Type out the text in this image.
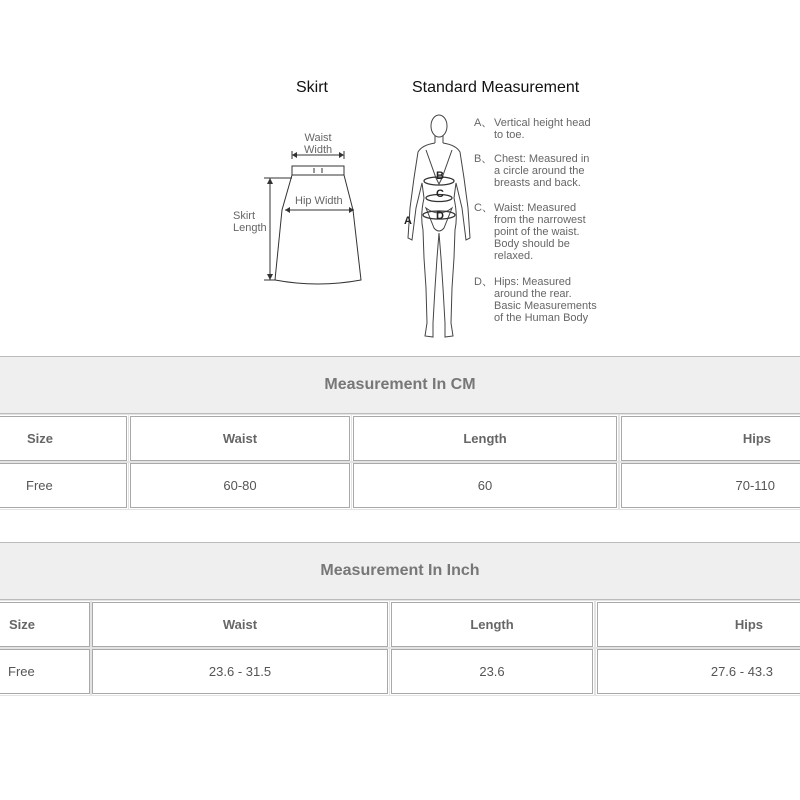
Skirt	Standard Measurement
Waist
Width
Hip Width
Skirt
Length
B
C
D
A
A、 Vertical height head
to toe.
B、 Chest: Measured in
a circle around the
breasts and back.
C、 Waist: Measured
from the narrowest
point of the waist.
Body should be
relaxed.
D、 Hips: Measured
around the rear.
Basic Measurements
of the Human Body
Measurement In CM
Size	Waist	Length	Hips
Free	60-80	60	70-110
Measurement In Inch
Size	Waist	Length	Hips
Free	23.6 - 31.5	23.6	27.6 - 43.3
